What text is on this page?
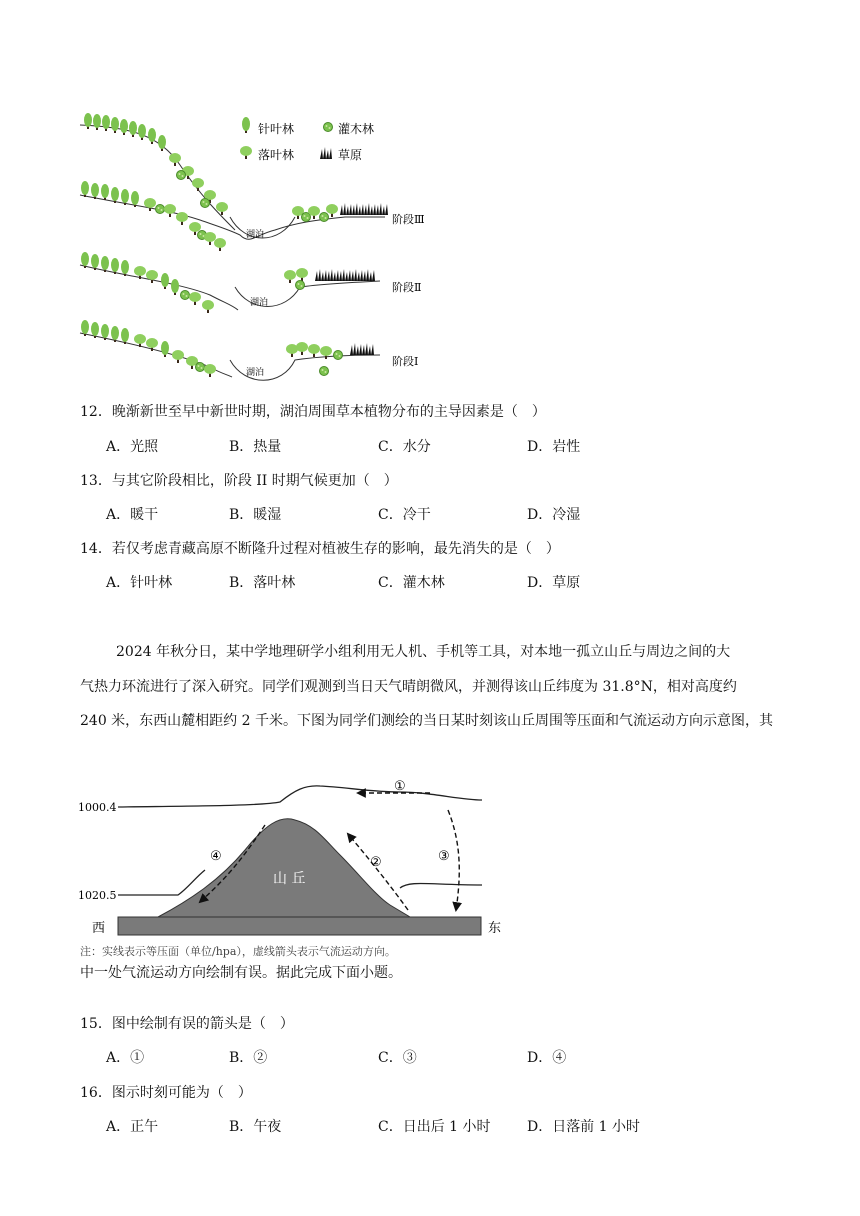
湖泊
湖泊
湖泊
针叶林	灌木林
落叶林	草原
阶段Ⅲ
阶段Ⅱ
阶段Ⅰ
12．晚渐新世至早中新世时期，湖泊周围草本植物分布的主导因素是（　）
A．光照	B．热量	C．水分	D．岩性
13．与其它阶段相比，阶段 II 时期气候更加（　）
A．暖干	B．暖湿	C．冷干	D．冷湿
14．若仅考虑青藏高原不断隆升过程对植被生存的影响，最先消失的是（　）
A．针叶林	B．落叶林	C．灌木林	D．草原
2024 年秋分日，某中学地理研学小组利用无人机、手机等工具，对本地一孤立山丘与周边之间的大
气热力环流进行了深入研究。同学们观测到当日天气晴朗微风，并测得该山丘纬度为 31.8°N，相对高度约
240 米，东西山麓相距约 2 千米。下图为同学们测绘的当日某时刻该山丘周围等压面和气流运动方向示意图，其
1000.4
1020.5
山 丘
西	东
①
②	③
④
注：实线表示等压面（单位/hpa），虚线箭头表示气流运动方向。
中一处气流运动方向绘制有误。据此完成下面小题。
15．图中绘制有误的箭头是（　）
A．①	B．②	C．③	D．④
16．图示时刻可能为（　）
A．正午	B．午夜	C．日出后 1 小时	D．日落前 1 小时
